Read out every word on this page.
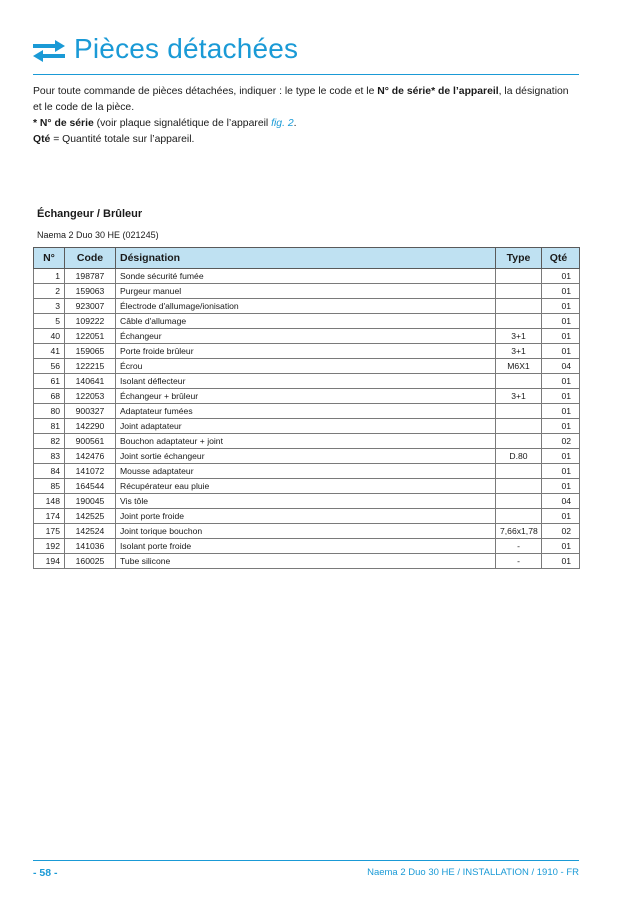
Pièces détachées

Pour toute commande de pièces détachées, indiquer : le type le code et le N° de série* de l’appareil, la désignation

et le code de la pièce.

* N° de série (voir plaque signalétique de l’appareil fig. 2.

Qté = Quantité totale sur l’appareil.

Échangeur / Brûleur
Naema 2 Duo 30 HE (021245)
N°	Code	Désignation	Type	Qté
1	198787	Sonde sécurité fumée		01
2	159063	Purgeur manuel		01
3	923007	Électrode d'allumage/ionisation		01
5	109222	Câble d'allumage		01
40	122051	Échangeur	3+1	01
41	159065	Porte froide brûleur	3+1	01
56	122215	Écrou	M6X1	04
61	140641	Isolant déflecteur		01
68	122053	Échangeur + brûleur	3+1	01
80	900327	Adaptateur fumées		01
81	142290	Joint adaptateur		01
82	900561	Bouchon adaptateur + joint		02
83	142476	Joint sortie échangeur	D.80	01
84	141072	Mousse adaptateur		01
85	164544	Récupérateur eau pluie		01
148	190045	Vis tôle		04
174	142525	Joint porte froide		01
175	142524	Joint torique bouchon	7,66x1,78	02
192	141036	Isolant porte froide	-	01
194	160025	Tube silicone	-	01
- 58 -	Naema 2 Duo 30 HE / INSTALLATION / 1910 - FR
